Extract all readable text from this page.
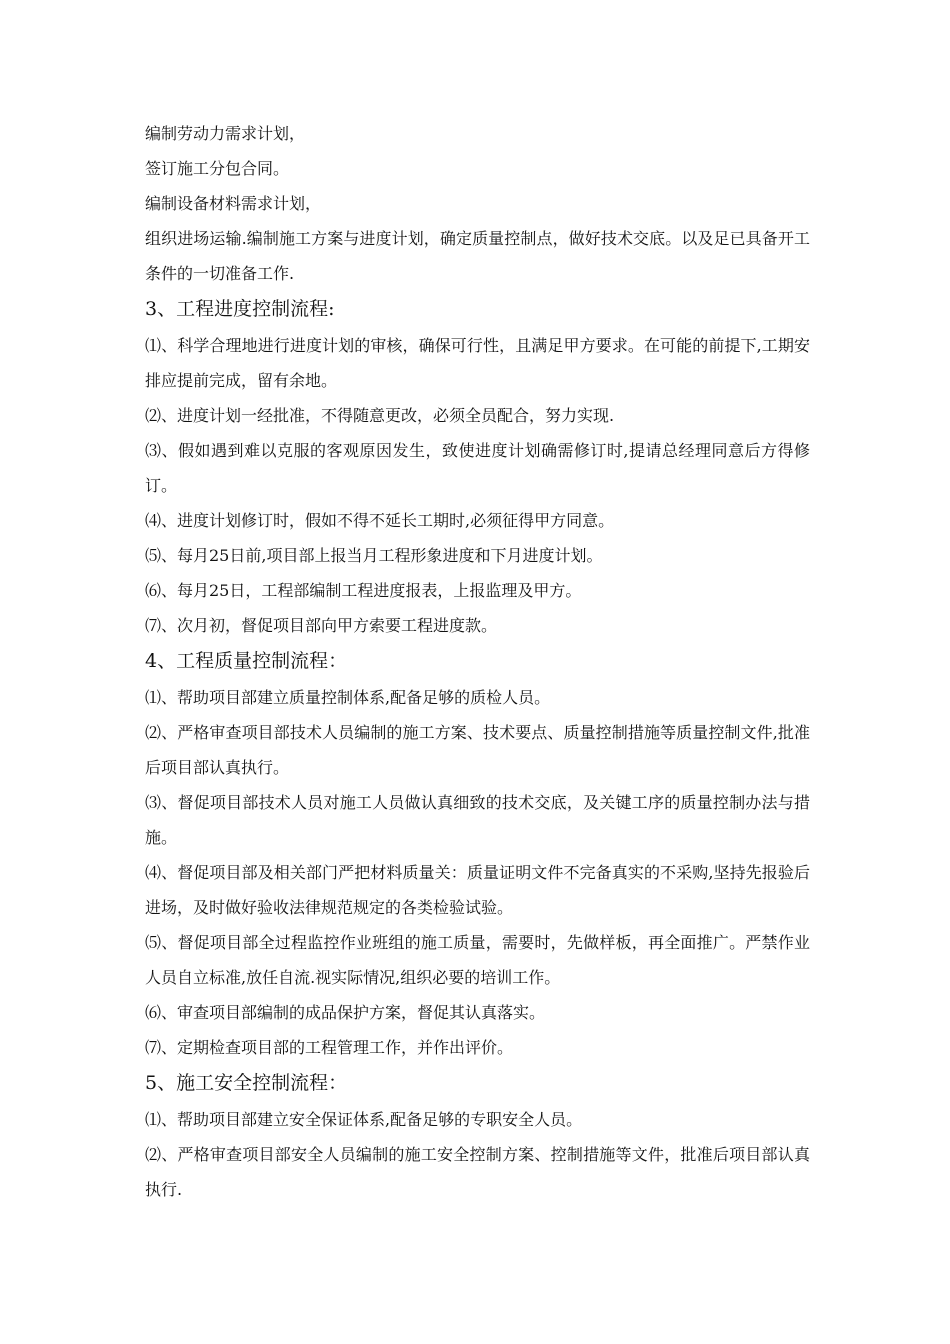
编制劳动力需求计划，

签订施工分包合同。

编制设备材料需求计划，

组织进场运输.编制施工方案与进度计划，确定质量控制点，做好技术交底。以及足已具备开工条件的一切准备工作.

3、工程进度控制流程:

⑴、科学合理地进行进度计划的审核，确保可行性，且满足甲方要求。在可能的前提下,工期安排应提前完成，留有余地。

⑵、进度计划一经批准，不得随意更改，必须全员配合，努力实现.

⑶、假如遇到难以克服的客观原因发生，致使进度计划确需修订时,提请总经理同意后方得修订。

⑷、进度计划修订时，假如不得不延长工期时,必须征得甲方同意。

⑸、每月25日前,项目部上报当月工程形象进度和下月进度计划。

⑹、每月25日，工程部编制工程进度报表，上报监理及甲方。

⑺、次月初，督促项目部向甲方索要工程进度款。

4、工程质量控制流程：

⑴、帮助项目部建立质量控制体系,配备足够的质检人员。

⑵、严格审查项目部技术人员编制的施工方案、技术要点、质量控制措施等质量控制文件,批准后项目部认真执行。

⑶、督促项目部技术人员对施工人员做认真细致的技术交底，及关键工序的质量控制办法与措施。

⑷、督促项目部及相关部门严把材料质量关：质量证明文件不完备真实的不采购,坚持先报验后进场，及时做好验收法律规范规定的各类检验试验。

⑸、督促项目部全过程监控作业班组的施工质量，需要时，先做样板，再全面推广。严禁作业人员自立标准,放任自流.视实际情况,组织必要的培训工作。

⑹、审查项目部编制的成品保护方案，督促其认真落实。

⑺、定期检查项目部的工程管理工作，并作出评价。

5、施工安全控制流程：

⑴、帮助项目部建立安全保证体系,配备足够的专职安全人员。

⑵、严格审查项目部安全人员编制的施工安全控制方案、控制措施等文件，批准后项目部认真执行.
